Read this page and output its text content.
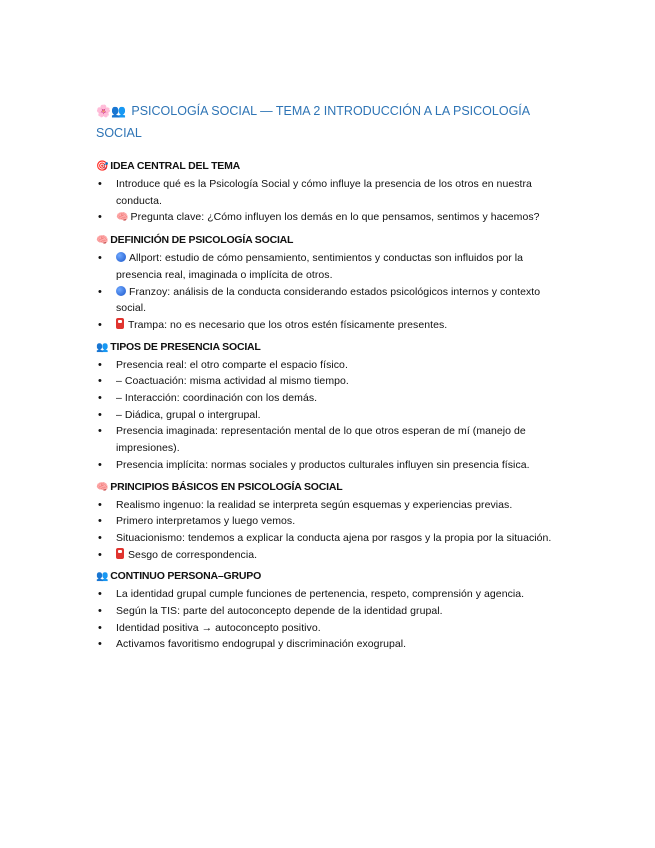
🌸👥 PSICOLOGÍA SOCIAL — TEMA 2 INTRODUCCIÓN A LA PSICOLOGÍA SOCIAL
🎯 IDEA CENTRAL DEL TEMA
• Introduce qué es la Psicología Social y cómo influye la presencia de los otros en nuestra conducta.
• 🧠 Pregunta clave: ¿Cómo influyen los demás en lo que pensamos, sentimos y hacemos?
🧠 DEFINICIÓN DE PSICOLOGÍA SOCIAL
• Allport: estudio de cómo pensamiento, sentimientos y conductas son influidos por la presencia real, imaginada o implícita de otros.
• Franzoy: análisis de la conducta considerando estados psicológicos internos y contexto social.
• Trampa: no es necesario que los otros estén físicamente presentes.
👥 TIPOS DE PRESENCIA SOCIAL
• Presencia real: el otro comparte el espacio físico.
• – Coactuación: misma actividad al mismo tiempo.
• – Interacción: coordinación con los demás.
• – Diádica, grupal o intergrupal.
• Presencia imaginada: representación mental de lo que otros esperan de mí (manejo de impresiones).
• Presencia implícita: normas sociales y productos culturales influyen sin presencia física.
🧠 PRINCIPIOS BÁSICOS EN PSICOLOGÍA SOCIAL
• Realismo ingenuo: la realidad se interpreta según esquemas y experiencias previas.
• Primero interpretamos y luego vemos.
• Situacionismo: tendemos a explicar la conducta ajena por rasgos y la propia por la situación.
• Sesgo de correspondencia.
👥 CONTINUO PERSONA–GRUPO
• La identidad grupal cumple funciones de pertenencia, respeto, comprensión y agencia.
• Según la TIS: parte del autoconcepto depende de la identidad grupal.
• Identidad positiva → autoconcepto positivo.
• Activamos favoritismo endogrupal y discriminación exogrupal.
